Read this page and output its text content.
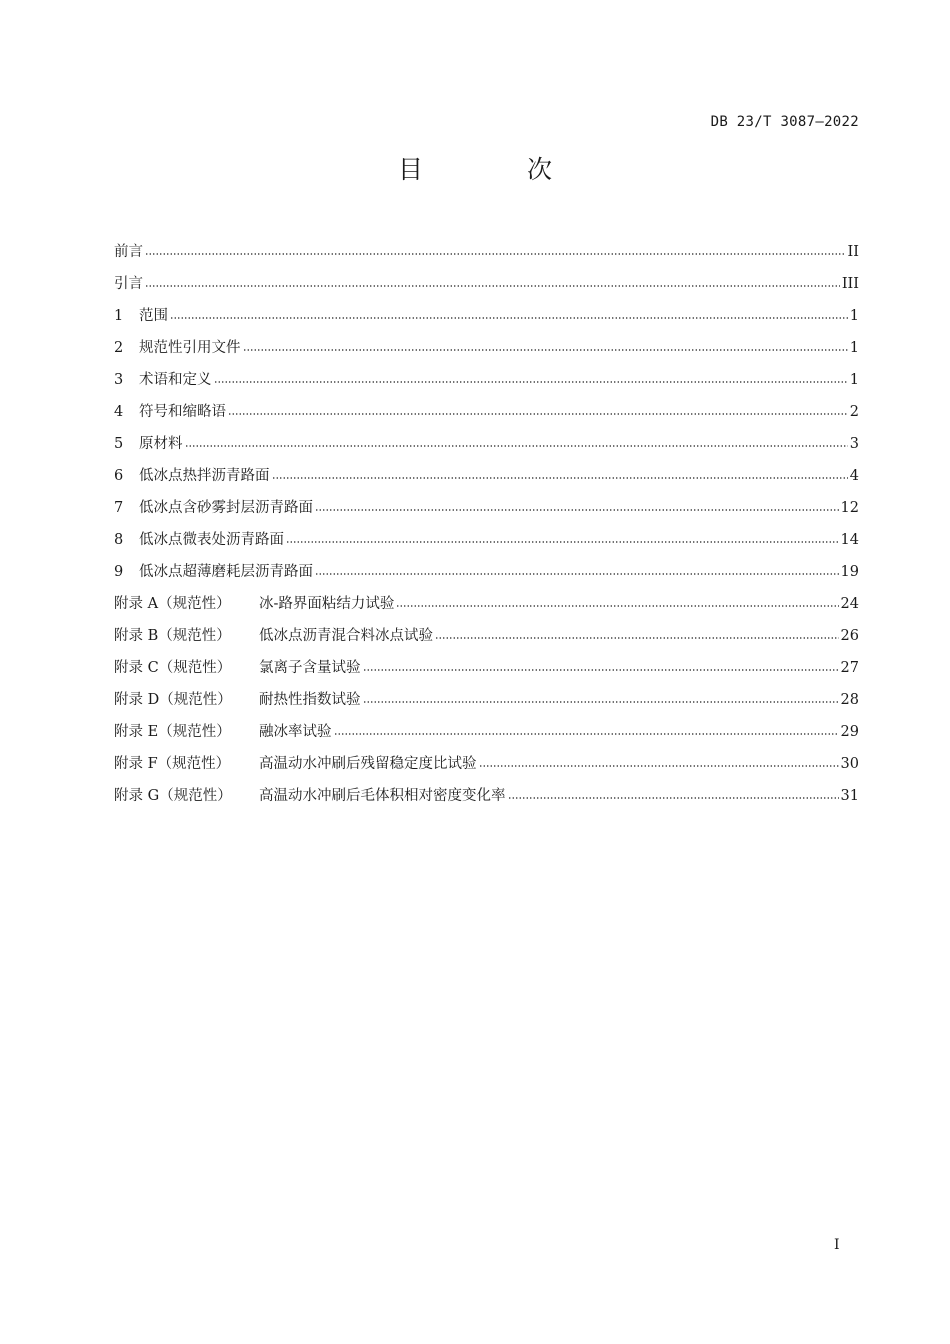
DB 23/T 3087—2022
目 次
前言	II
引言	III
1	范围	1
2	规范性引用文件	1
3	术语和定义	1
4	符号和缩略语	2
5	原材料	3
6	低冰点热拌沥青路面	4
7	低冰点含砂雾封层沥青路面	12
8	低冰点微表处沥青路面	14
9	低冰点超薄磨耗层沥青路面	19
附录 A（规范性）	冰-路界面粘结力试验	24
附录 B（规范性）	低冰点沥青混合料冰点试验	26
附录 C（规范性）	氯离子含量试验	27
附录 D（规范性）	耐热性指数试验	28
附录 E（规范性）	融冰率试验	29
附录 F（规范性）	高温动水冲刷后残留稳定度比试验	30
附录 G（规范性）	高温动水冲刷后毛体积相对密度变化率	31
I
